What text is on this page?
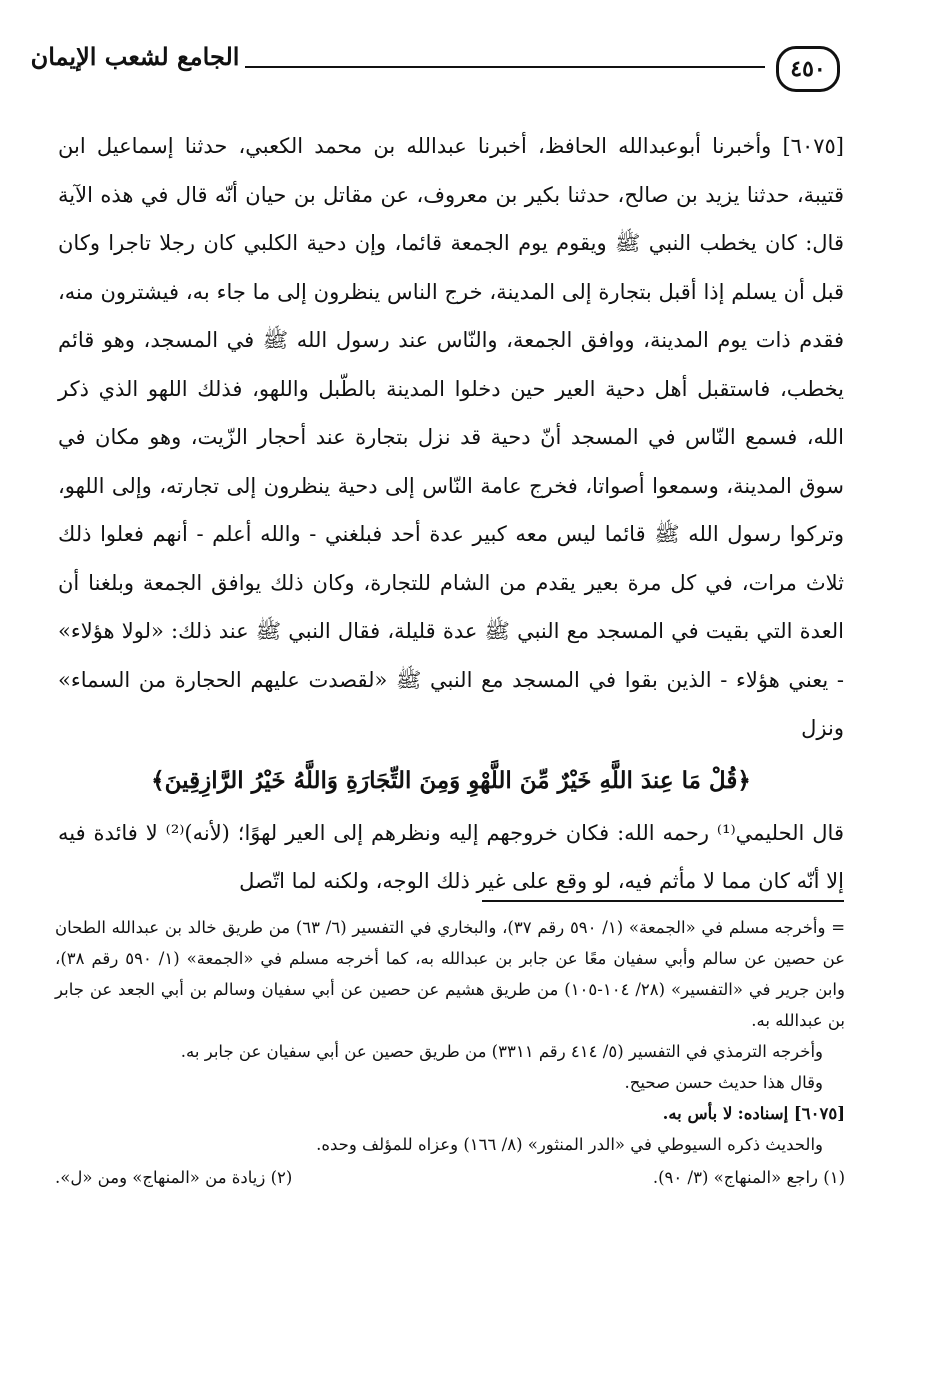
٤٥٠
الجامع لشعب الإيمان

[٦٠٧٥] وأخبرنا أبوعبدالله الحافظ، أخبرنا عبدالله بن محمد الكعبي، حدثنا إسماعيل ابن قتيبة، حدثنا يزيد بن صالح، حدثنا بكير بن معروف، عن مقاتل بن حيان أنّه قال في هذه الآية قال: كان يخطب النبي ﷺ ويقوم يوم الجمعة قائما، وإن دحية الكلبي كان رجلا تاجرا وكان قبل أن يسلم إذا أقبل بتجارة إلى المدينة، خرج الناس ينظرون إلى ما جاء به، فيشترون منه، فقدم ذات يوم المدينة، ووافق الجمعة، والنّاس عند رسول الله ﷺ في المسجد، وهو قائم يخطب، فاستقبل أهل دحية العير حين دخلوا المدينة بالطّبل واللهو، فذلك اللهو الذي ذكر الله، فسمع النّاس في المسجد أنّ دحية قد نزل بتجارة عند أحجار الزّيت، وهو مكان في سوق المدينة، وسمعوا أصواتا، فخرج عامة النّاس إلى دحية ينظرون إلى تجارته، وإلى اللهو، وتركوا رسول الله ﷺ قائما ليس معه كبير عدة أحد فبلغني - والله أعلم - أنهم فعلوا ذلك ثلاث مرات، في كل مرة بعير يقدم من الشام للتجارة، وكان ذلك يوافق الجمعة وبلغنا أن العدة التي بقيت في المسجد مع النبي ﷺ عدة قليلة، فقال النبي ﷺ عند ذلك: «لولا هؤلاء» - يعني هؤلاء - الذين بقوا في المسجد مع النبي ﷺ «لقصدت عليهم الحجارة من السماء» ونزل

﴿قُلْ مَا عِندَ اللَّهِ خَيْرٌ مِّنَ اللَّهْوِ وَمِنَ التِّجَارَةِ وَاللَّهُ خَيْرُ الرَّازِقِينَ﴾

قال الحليمي⁽¹⁾ رحمه الله: فكان خروجهم إليه ونظرهم إلى العير لهوًا؛ (لأنه)⁽²⁾ لا فائدة فيه إلا أنّه كان مما لا مأثم فيه، لو وقع على غير ذلك الوجه، ولكنه لما اتّصل

= وأخرجه مسلم في «الجمعة» (١/ ٥٩٠ رقم ٣٧)، والبخاري في التفسير (٦/ ٦٣) من طريق خالد بن عبدالله الطحان عن حصين عن سالم وأبي سفيان معًا عن جابر بن عبدالله به، كما أخرجه مسلم في «الجمعة» (١/ ٥٩٠ رقم ٣٨)، وابن جرير في «التفسير» (٢٨/ ١٠٤-١٠٥) من طريق هشيم عن حصين عن أبي سفيان وسالم بن أبي الجعد عن جابر بن عبدالله به.

وأخرجه الترمذي في التفسير (٥/ ٤١٤ رقم ٣٣١١) من طريق حصين عن أبي سفيان عن جابر به.

وقال هذا حديث حسن صحيح.

[٦٠٧٥] إسناده: لا بأس به.

والحديث ذكره السيوطي في «الدر المنثور» (٨/ ١٦٦) وعزاه للمؤلف وحده.

(١) راجع «المنهاج» (٣/ ٩٠).
(٢) زيادة من «المنهاج» ومن «ل».
